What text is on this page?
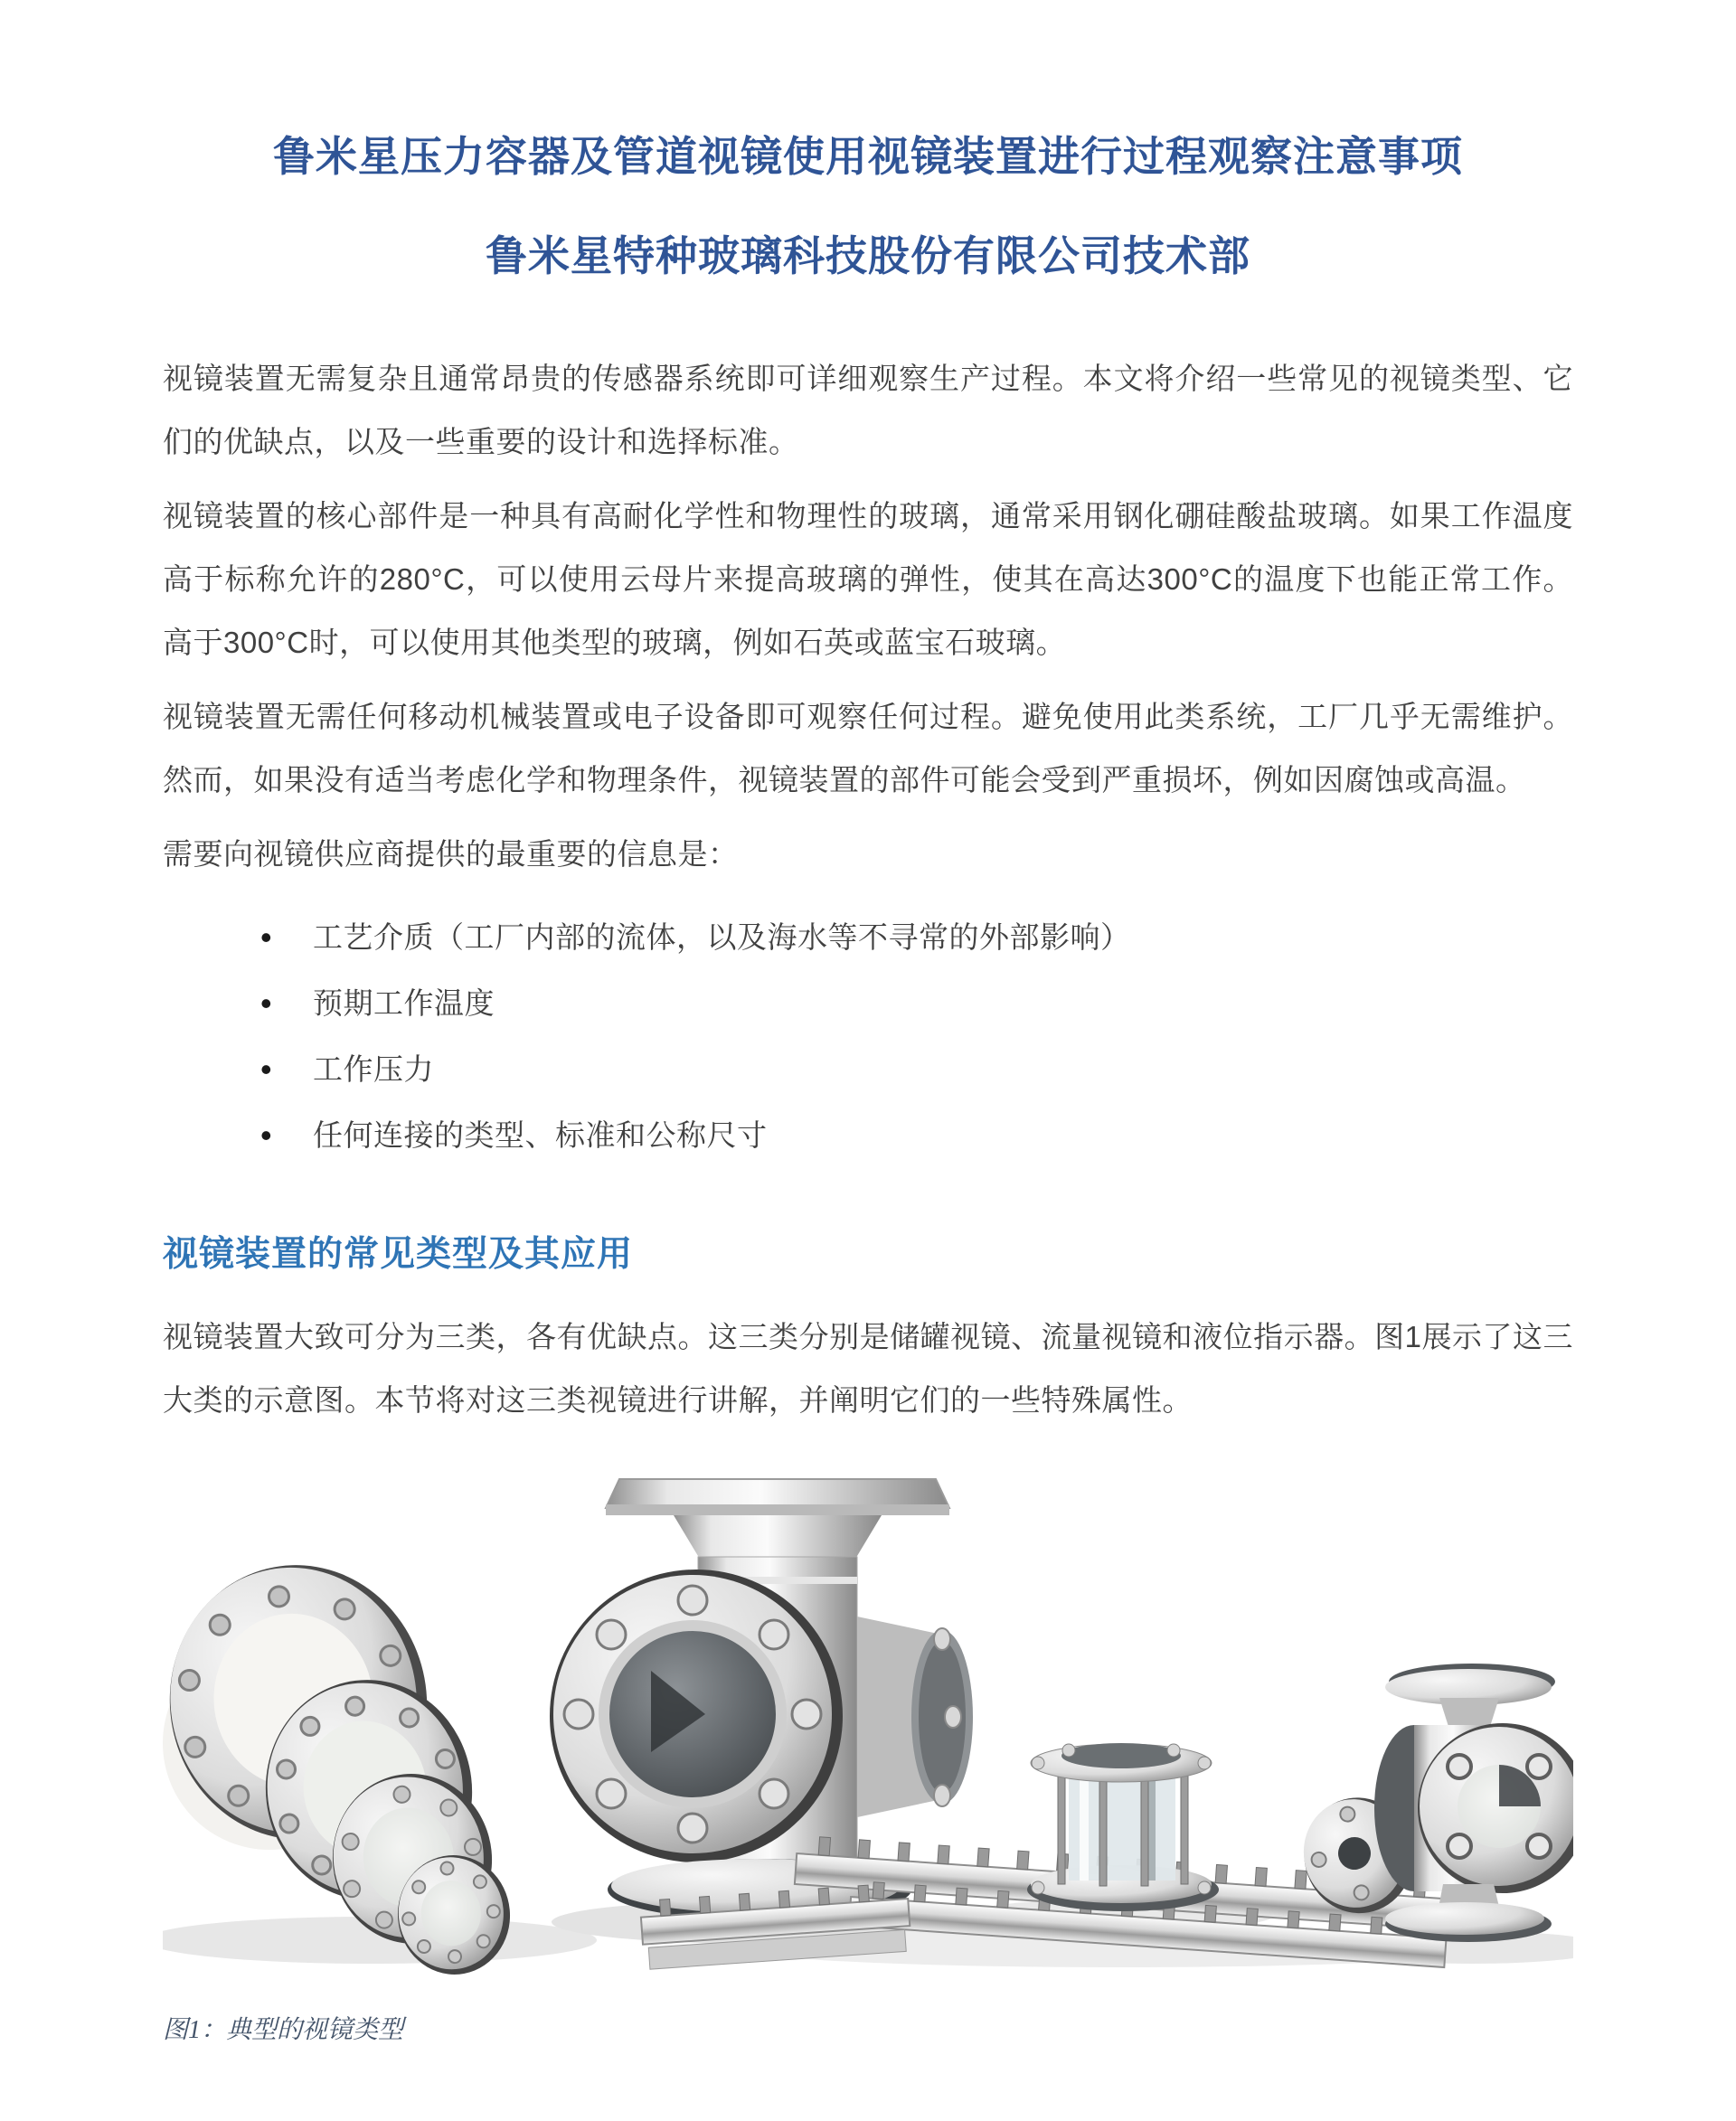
鲁米星压力容器及管道视镜使用视镜装置进行过程观察注意事项
鲁米星特种玻璃科技股份有限公司技术部

视镜装置无需复杂且通常昂贵的传感器系统即可详细观察生产过程。本文将介绍一些常见的视镜类型、它们的优缺点，以及一些重要的设计和选择标准。

视镜装置的核心部件是一种具有高耐化学性和物理性的玻璃，通常采用钢化硼硅酸盐玻璃。如果工作温度高于标称允许的280°C，可以使用云母片来提高玻璃的弹性，使其在高达300°C的温度下也能正常工作。高于300°C时，可以使用其他类型的玻璃，例如石英或蓝宝石玻璃。

视镜装置无需任何移动机械装置或电子设备即可观察任何过程。避免使用此类系统，工厂几乎无需维护。然而，如果没有适当考虑化学和物理条件，视镜装置的部件可能会受到严重损坏，例如因腐蚀或高温。

需要向视镜供应商提供的最重要的信息是：

• 工艺介质（工厂内部的流体，以及海水等不寻常的外部影响）
• 预期工作温度
• 工作压力
• 任何连接的类型、标准和公称尺寸
视镜装置的常见类型及其应用

视镜装置大致可分为三类，各有优缺点。这三类分别是储罐视镜、流量视镜和液位指示器。图1展示了这三大类的示意图。本节将对这三类视镜进行讲解，并阐明它们的一些特殊属性。

图1：典型的视镜类型
